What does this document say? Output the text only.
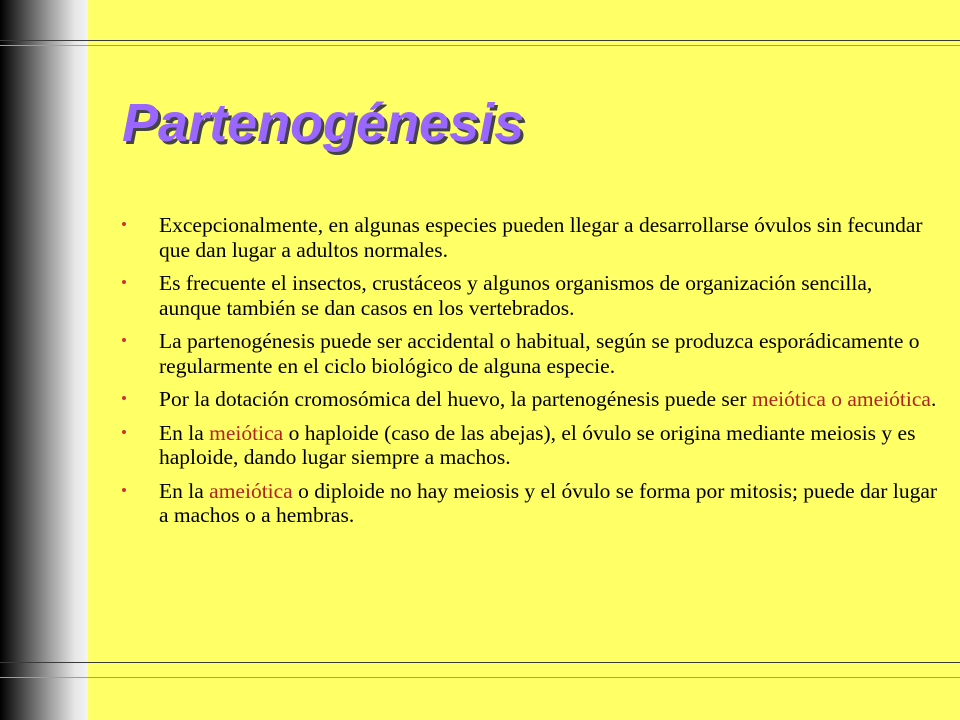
Partenogénesis
Excepcionalmente, en algunas especies pueden llegar a desarrollarse óvulos sin fecundar que dan lugar a adultos normales.
Es frecuente el insectos, crustáceos y algunos organismos de organización sencilla, aunque también se dan casos en los vertebrados.
La partenogénesis puede ser accidental o habitual, según se produzca esporádicamente o regularmente en el ciclo biológico de alguna especie.
Por la dotación cromosómica del huevo, la partenogénesis puede ser meiótica o ameiótica.
En la meiótica o haploide (caso de las abejas), el óvulo se origina mediante meiosis y es haploide, dando lugar siempre a machos.
En la ameiótica o diploide no hay meiosis y el óvulo se forma por mitosis; puede dar lugar a machos o a hembras.
